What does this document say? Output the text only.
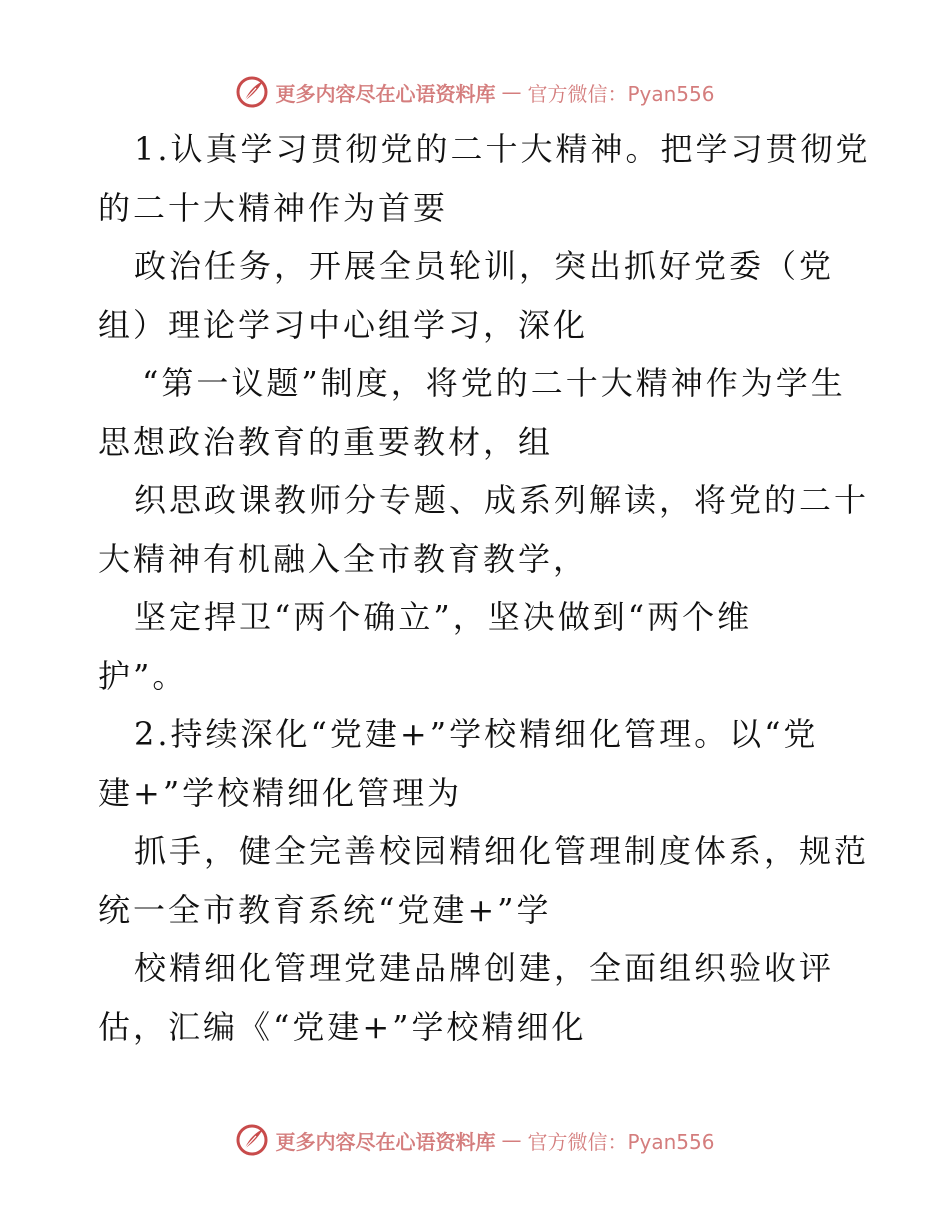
更多内容尽在心语资料库 — 官方微信：Pyan556
1.认真学习贯彻党的二十大精神。把学习贯彻党
的二十大精神作为首要
政治任务，开展全员轮训，突出抓好党委（党
组）理论学习中心组学习，深化
“第一议题”制度，将党的二十大精神作为学生
思想政治教育的重要教材，组
织思政课教师分专题、成系列解读，将党的二十
大精神有机融入全市教育教学，
坚定捍卫“两个确立”，坚决做到“两个维
护”。
2.持续深化“党建+”学校精细化管理。以“党
建+”学校精细化管理为
抓手，健全完善校园精细化管理制度体系，规范
统一全市教育系统“党建+”学
校精细化管理党建品牌创建，全面组织验收评
估，汇编《“党建+”学校精细化
更多内容尽在心语资料库 — 官方微信：Pyan556
